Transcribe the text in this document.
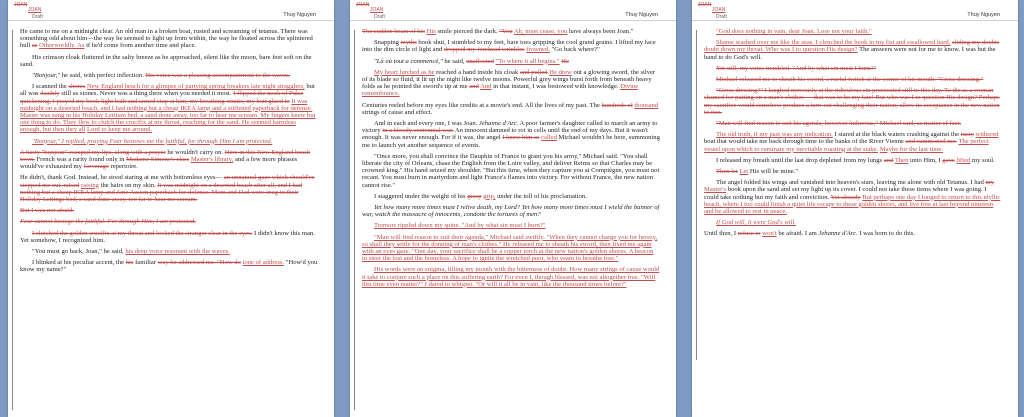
JOAN
JOAN
Draft	Thuy Nguyen

He came to me on a midnight clear. An old man in a broken boat, rusted and screaming of tetanus. There was something odd about him—the way he seemed to light up from within, the way he floated across the splintered hull as Otherworldly. As if he'd come from another time and place.

His crimson cloak fluttered in the salty breeze as he approached, silent like the moon, bare feet soft on the sand.

"Bonjour," he said, with perfect inflection. His voice was a pleasing accompaniment to the waves.

I scanned the shores New England beach for a glimpse of partying spring breakers late night stragglers, but all was deathly still as stones. Never was a thing there when you needed it most. I flipped the nook of Pulse quickening, I prayed my book light bath and armed stup at him, my breathing erratic, my butt glued to It was midnight on a deserted beach, and I had nothing but a cheap IKEA lamp and a stiffened paperback for defense. Master was sung in his Holiday Lettium bed, a sand done away, too far to hear me scream. My fingers knew but one thing to do. They flew to clutch the crucifix at my throat, reaching for the sand. He seemed harmless enough, but then they all Lord to keep me around.

"Bonjour," I replied, praying Fear bestows me the faithful, for through Him I am protected.

A hasty "bonjour" escaped my lips, along with a prayer he wouldn't carry on. Here in this New England beach town, French was a rarity found only in Madame Simone's class Master's library, and a few more phrases would've exhausted my Coverage repertoire.

He didn't, thank God. Instead, he stood staring at me with bottomless eyes— an unnatural gaze which should've stopped me out, raised raising the hairs on my skin. It was midnight on a deserted beach after all, and I had nothing but a cheap IKEA lamp and Jane Austen paperback for defense. Mom and Dad were snug in their Holiday Lettings bed, a sand dune away, too far to hear me scream.

But I was not afraid.

Fear cannot besiege the faithful. For through Him, I am protected.

I clutched the golden crucifix at my throat and looked the stranger clear in the eyes. I didn't know this man. Yet somehow, I recognized him.

"You must go back, Joan," he said, his deep voice resonant with the waves.

I blinked at his peculiar accent, the his familiar way he addressed me. "How do tone of address. "How'd you know my name?"

JOAN
JOAN
Draft	Thuy Nguyen

The sudden beam of his His smile pierced the dark. "You Ah, must cease, you have always been Joan."

Snapping myths book shut, I stumbled to my feet, bare toes gripping the cool grand grains. I lifted my face into the dim circle of light and dropped my forehead wrinkles frowned. "Go back where?"

"Là où tout a commencé," he said, unaffected "To where it all begins." He

My heart lurched as he reached a hand inside his cloak and pulled He drew out a glowing sword, the silver of its blade so fluid, it lit up the night like twelve moons. Powerful grey wings burst forth from beneath heavy folds as he pointed the sword's tip at me and And in that instant, I was bestowed with knowledge. Divine remembrance.

Centuries reeled before my eyes like credits at a movie's end. All the lives of my past. The hundreds of thousand strings of cause and effect.

And in each and every one, I was Joan. Jehanne d'Arc. A poor farmer's daughter called to march an army to victory in a bloody centennial war. An innocent damned to rot in cells until the end of my days. But it wasn't enough. It was never enough. For if it was, the angel I knew him as called Michael wouldn't be here, summoning me to launch yet another sequence of events.

"Once more, you shall convince the Dauphin of France to grant you his army," Michael said. "You shall liberate the city of Orleans, chase the English from the Loire valley, and deliver Reims so that Charles may be crowned king." His hand seized my shoulder. "But this time, when they capture you at Compiègne, you must not recant. You must burn in martyrdom and light France's flames into victory. For without France, the new nation cannot rise."

I staggered under the weight of his grasp grip, under the toll of his proclamation.

Yet how many more times must I relive death, my Lord? Yet how many more times must I wield the banner of war, watch the massacre of innocents, condone the tortures of men?

Tremors rippled down my spine. "And by what sin must I burn?"

"Man will find reason to suit their agenda," Michael said swiftly. "When they cannot charge you for heresy, so shall they settle for the donning of man's clothes." He released me to sheath his sword, then fixed me again with an eyes gaze. "One day, your sacrifice shall be a copper torch at the new nation's golden shores. A beacon to steer the lost and the homeless. A hope to ignite the wretched poor, who yearn to breathe free."

His words were an enigma, filling my mouth with the bitterness of doubt. How many strings of cause would it take to conjure such a place on this suffering earth? For even I, though blessed, was not altogether free. "Will this time even matter?" I dared to whisper. "Or will it all be in vain, like the thousand times before?"

JOAN
JOAN
Draft	Thuy Nguyen

"God does nothing in vain, dear Joan. Lose not your faith."

Shame washed over me like the seas. I clenched the book in my fist and swallowed hard, sliding my doubts doubt down my throat. Who was I to question His design? The answers were not for me to know. I was but the hand to do God's will.

Yet still, my voice trembled. "And by what sin must I burn?"

Michael released me to sheath his sword, a rueful twitch at the corner of his mouth. "Cross dressing."

"Cross dressing?" I laughed nervously at the ridiculous sin prosecuted still to this day. To die as a woman shamed for putting on a man's clothes — that was to be my fate! But who was I to question His design? Perhaps my sacrifice would somehow produce a turn-out challenging their nation, allow its acceptance in the new nation to rise.

"Man will find reason to suit his agenda, however ludicrous," Michael said, as matter of fact.

The old truth, if my past was any indication. I stared at the black waters crashing against the rusty withered boat that would take me back through time to the banks of the River Vienne and summoned me. The perfect vessel upon which to ruminate my inevitable roasting at the stake. Maybe for the last time.

I released my breath until the last drop depleted from my lungs and Then unto Him, I gave lifted my soul.

Then let Let His will be mine."

The angel folded his wings and vanished into heaven's stars, leaving me alone with old Tetanus. I had my Master's book upon the sand and set my light up its cover. I could not take these items where I was going. I could take nothing but my faith and conviction. Yet already But perhaps one day I longed to return to this idyllic beach, where I too could finish a quiet life escape to these golden shores, and live free at last beyond nineteen and be allowed to rest in peace.

If God will, it were God's will.

Until then, I refuse to won't be afraid. I am Jehanne d'Arc. I was born to do this.
